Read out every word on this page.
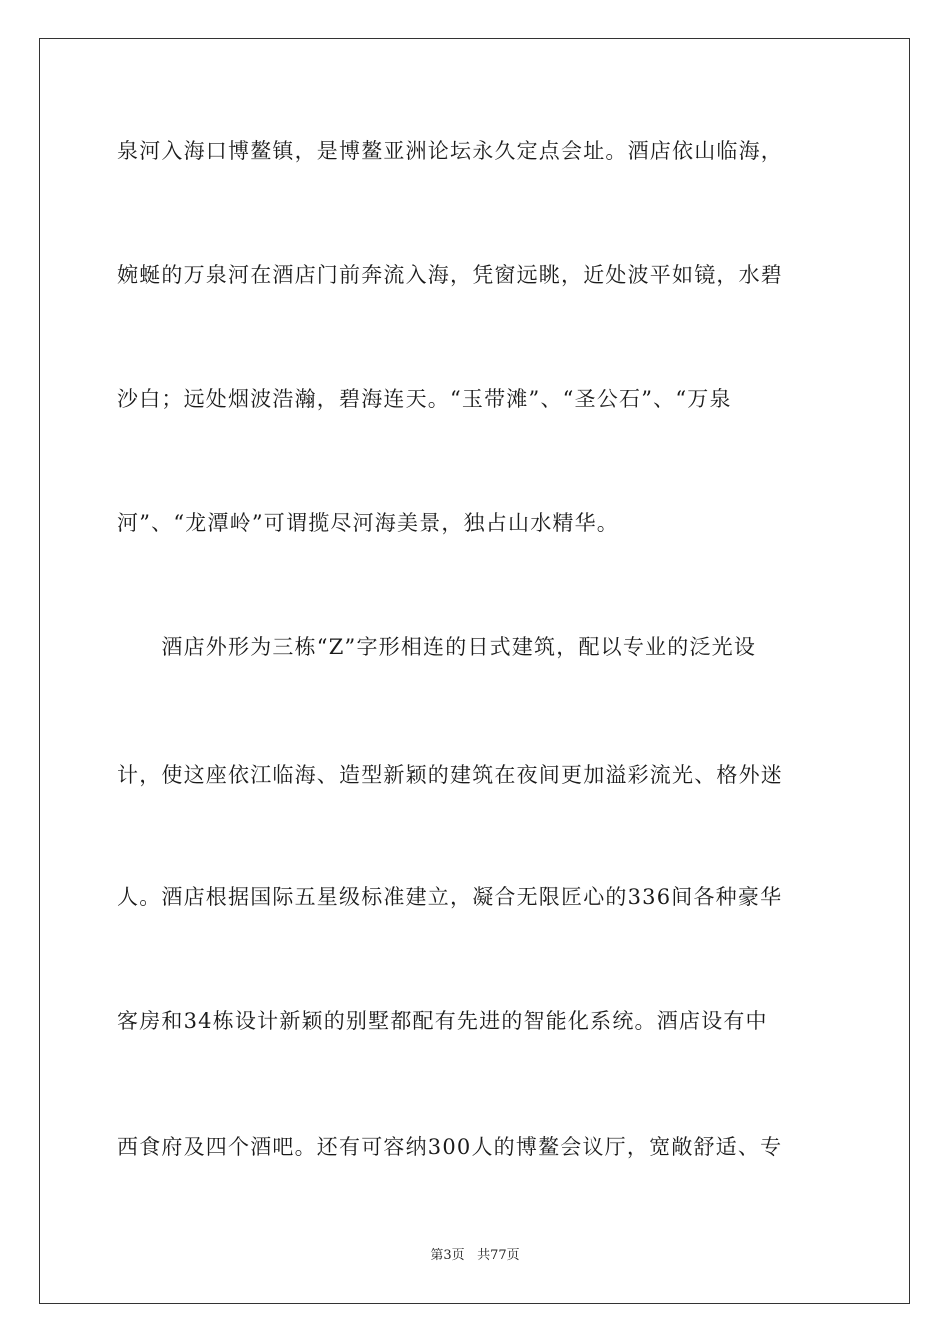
泉河入海口博鳌镇，是博鳌亚洲论坛永久定点会址。酒店依山临海，
婉蜒的万泉河在酒店门前奔流入海，凭窗远眺，近处波平如镜，水碧
沙白；远处烟波浩瀚，碧海连天。“玉带滩”、“圣公石”、“万泉
河”、“龙潭岭”可谓揽尽河海美景，独占山水精华。
　　酒店外形为三栋“Z”字形相连的日式建筑，配以专业的泛光设
计，使这座依江临海、造型新颖的建筑在夜间更加溢彩流光、格外迷
人。酒店根据国际五星级标准建立，凝合无限匠心的336间各种豪华
客房和34栋设计新颖的别墅都配有先进的智能化系统。酒店设有中
西食府及四个酒吧。还有可容纳300人的博鳌会议厅，宽敞舒适、专
第3页 共77页
